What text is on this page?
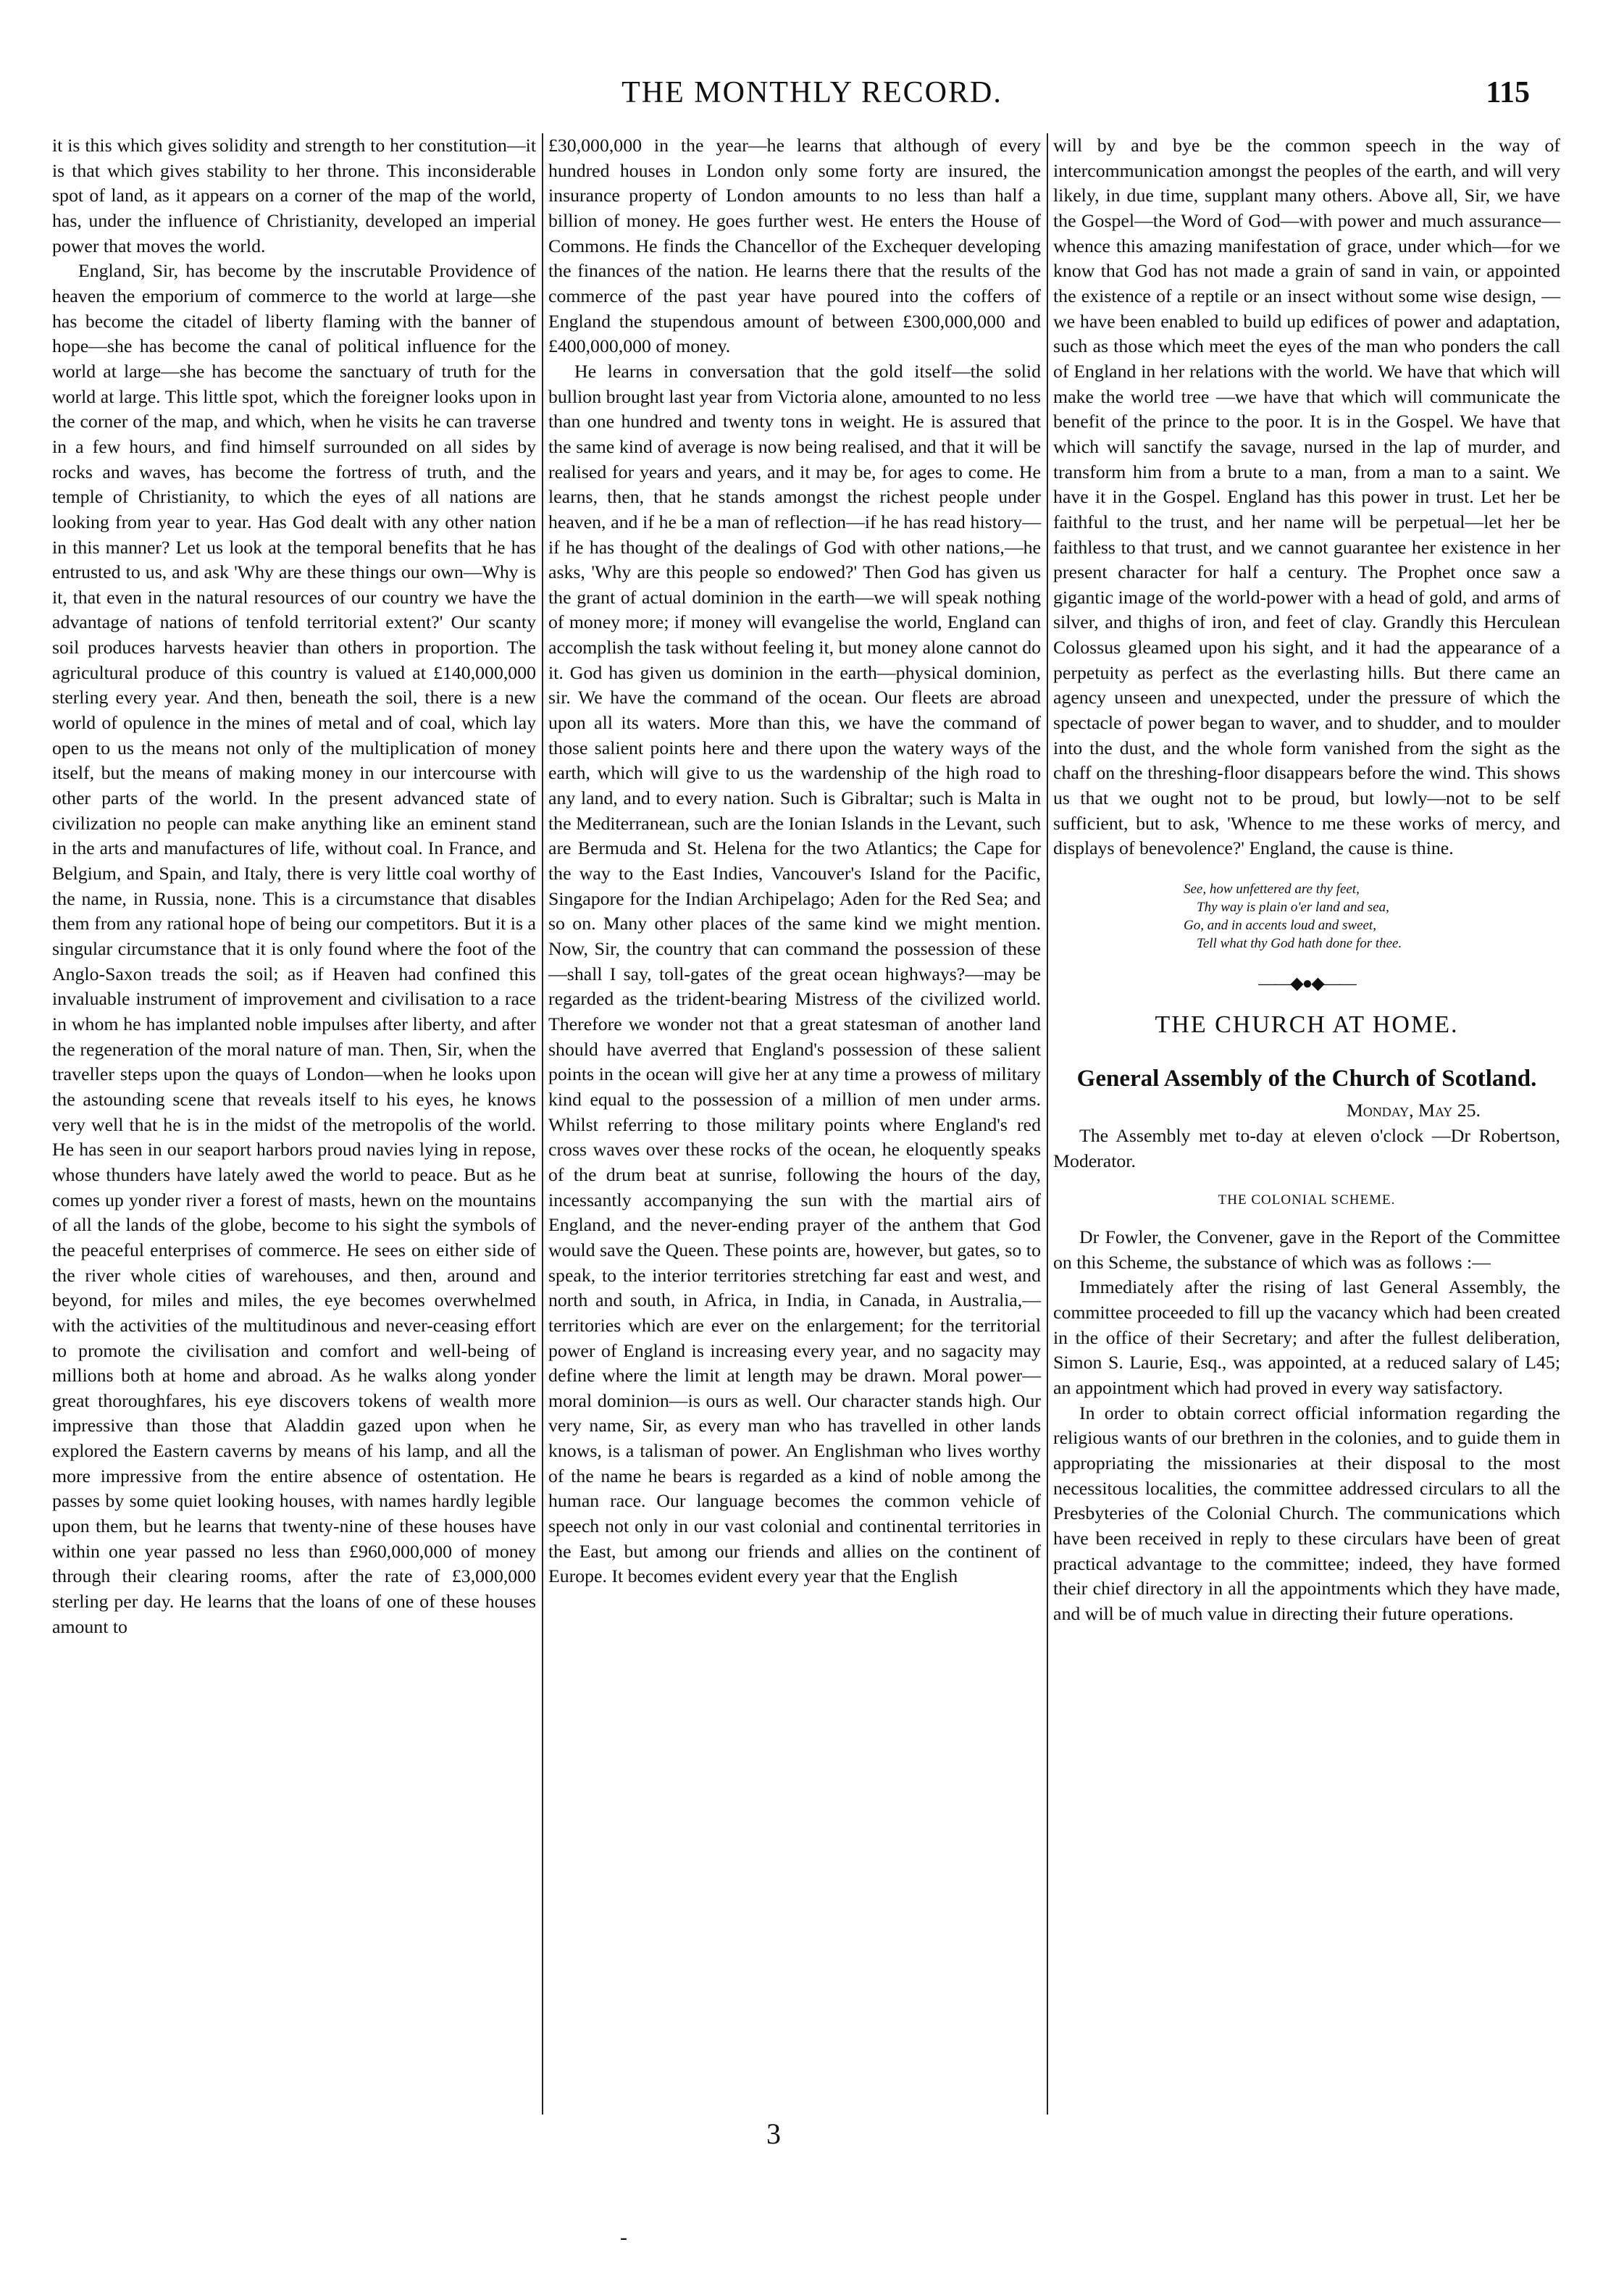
THE MONTHLY RECORD.	115

it is this which gives solidity and strength to her constitution—it is that which gives stability to her throne. This inconsiderable spot of land, as it appears on a corner of the map of the world, has, under the influence of Christianity, developed an imperial power that moves the world.

England, Sir, has become by the inscrutable Providence of heaven the emporium of commerce to the world at large—she has become the citadel of liberty flaming with the banner of hope—she has become the canal of political influence for the world at large—she has become the sanctuary of truth for the world at large. This little spot, which the foreigner looks upon in the corner of the map, and which, when he visits he can traverse in a few hours, and find himself surrounded on all sides by rocks and waves, has become the fortress of truth, and the temple of Christianity, to which the eyes of all nations are looking from year to year. Has God dealt with any other nation in this manner? Let us look at the temporal benefits that he has entrusted to us, and ask 'Why are these things our own—Why is it, that even in the natural resources of our country we have the advantage of nations of tenfold territorial extent?' Our scanty soil produces harvests heavier than others in proportion. The agricultural produce of this country is valued at £140,000,000 sterling every year. And then, beneath the soil, there is a new world of opulence in the mines of metal and of coal, which lay open to us the means not only of the multiplication of money itself, but the means of making money in our intercourse with other parts of the world. In the present advanced state of civilization no people can make anything like an eminent stand in the arts and manufactures of life, without coal. In France, and Belgium, and Spain, and Italy, there is very little coal worthy of the name, in Russia, none. This is a circumstance that disables them from any rational hope of being our competitors. But it is a singular circumstance that it is only found where the foot of the Anglo-Saxon treads the soil; as if Heaven had confined this invaluable instrument of improvement and civilisation to a race in whom he has implanted noble impulses after liberty, and after the regeneration of the moral nature of man. Then, Sir, when the traveller steps upon the quays of London—when he looks upon the astounding scene that reveals itself to his eyes, he knows very well that he is in the midst of the metropolis of the world. He has seen in our seaport harbors proud navies lying in repose, whose thunders have lately awed the world to peace. But as he comes up yonder river a forest of masts, hewn on the mountains of all the lands of the globe, become to his sight the symbols of the peaceful enterprises of commerce. He sees on either side of the river whole cities of warehouses, and then, around and beyond, for miles and miles, the eye becomes overwhelmed with the activities of the multitudinous and never-ceasing effort to promote the civilisation and comfort and well-being of millions both at home and abroad. As he walks along yonder great thoroughfares, his eye discovers tokens of wealth more impressive than those that Aladdin gazed upon when he explored the Eastern caverns by means of his lamp, and all the more impressive from the entire absence of ostentation. He passes by some quiet looking houses, with names hardly legible upon them, but he learns that twenty-nine of these houses have within one year passed no less than £960,000,000 of money through their clearing rooms, after the rate of £3,000,000 sterling per day. He learns that the loans of one of these houses amount to

£30,000,000 in the year—he learns that although of every hundred houses in London only some forty are insured, the insurance property of London amounts to no less than half a billion of money. He goes further west. He enters the House of Commons. He finds the Chancellor of the Exchequer developing the finances of the nation. He learns there that the results of the commerce of the past year have poured into the coffers of England the stupendous amount of between £300,000,000 and £400,000,000 of money.

He learns in conversation that the gold itself—the solid bullion brought last year from Victoria alone, amounted to no less than one hundred and twenty tons in weight. He is assured that the same kind of average is now being realised, and that it will be realised for years and years, and it may be, for ages to come. He learns, then, that he stands amongst the richest people under heaven, and if he be a man of reflection—if he has read history—if he has thought of the dealings of God with other nations,—he asks, 'Why are this people so endowed?' Then God has given us the grant of actual dominion in the earth—we will speak nothing of money more; if money will evangelise the world, England can accomplish the task without feeling it, but money alone cannot do it. God has given us dominion in the earth—physical dominion, sir. We have the command of the ocean. Our fleets are abroad upon all its waters. More than this, we have the command of those salient points here and there upon the watery ways of the earth, which will give to us the wardenship of the high road to any land, and to every nation. Such is Gibraltar; such is Malta in the Mediterranean, such are the Ionian Islands in the Levant, such are Bermuda and St. Helena for the two Atlantics; the Cape for the way to the East Indies, Vancouver's Island for the Pacific, Singapore for the Indian Archipelago; Aden for the Red Sea; and so on. Many other places of the same kind we might mention. Now, Sir, the country that can command the possession of these—shall I say, toll-gates of the great ocean highways?—may be regarded as the trident-bearing Mistress of the civilized world. Therefore we wonder not that a great statesman of another land should have averred that England's possession of these salient points in the ocean will give her at any time a prowess of military kind equal to the possession of a million of men under arms. Whilst referring to those military points where England's red cross waves over these rocks of the ocean, he eloquently speaks of the drum beat at sunrise, following the hours of the day, incessantly accompanying the sun with the martial airs of England, and the never-ending prayer of the anthem that God would save the Queen. These points are, however, but gates, so to speak, to the interior territories stretching far east and west, and north and south, in Africa, in India, in Canada, in Australia,—territories which are ever on the enlargement; for the territorial power of England is increasing every year, and no sagacity may define where the limit at length may be drawn. Moral power—moral dominion—is ours as well. Our character stands high. Our very name, Sir, as every man who has travelled in other lands knows, is a talisman of power. An Englishman who lives worthy of the name he bears is regarded as a kind of noble among the human race. Our language becomes the common vehicle of speech not only in our vast colonial and continental territories in the East, but among our friends and allies on the continent of Europe. It becomes evident every year that the English

will by and bye be the common speech in the way of intercommunication amongst the peoples of the earth, and will very likely, in due time, supplant many others. Above all, Sir, we have the Gospel—the Word of God—with power and much assurance—whence this amazing manifestation of grace, under which—for we know that God has not made a grain of sand in vain, or appointed the existence of a reptile or an insect without some wise design, —we have been enabled to build up edifices of power and adaptation, such as those which meet the eyes of the man who ponders the call of England in her relations with the world. We have that which will make the world tree —we have that which will communicate the benefit of the prince to the poor. It is in the Gospel. We have that which will sanctify the savage, nursed in the lap of murder, and transform him from a brute to a man, from a man to a saint. We have it in the Gospel. England has this power in trust. Let her be faithful to the trust, and her name will be perpetual—let her be faithless to that trust, and we cannot guarantee her existence in her present character for half a century. The Prophet once saw a gigantic image of the world-power with a head of gold, and arms of silver, and thighs of iron, and feet of clay. Grandly this Herculean Colossus gleamed upon his sight, and it had the appearance of a perpetuity as perfect as the everlasting hills. But there came an agency unseen and unexpected, under the pressure of which the spectacle of power began to waver, and to shudder, and to moulder into the dust, and the whole form vanished from the sight as the chaff on the threshing-floor disappears before the wind. This shows us that we ought not to be proud, but lowly—not to be self sufficient, but to ask, 'Whence to me these works of mercy, and displays of benevolence?' England, the cause is thine.

See, how unfettered are thy feet,
Thy way is plain o'er land and sea,
Go, and in accents loud and sweet,
Tell what thy God hath done for thee.
——◆●◆——
THE CHURCH AT HOME.
General Assembly of the Church of Scotland.
Monday, May 25.

The Assembly met to-day at eleven o'clock —Dr Robertson, Moderator.

THE COLONIAL SCHEME.

Dr Fowler, the Convener, gave in the Report of the Committee on this Scheme, the substance of which was as follows :—

Immediately after the rising of last General Assembly, the committee proceeded to fill up the vacancy which had been created in the office of their Secretary; and after the fullest deliberation, Simon S. Laurie, Esq., was appointed, at a reduced salary of L45; an appointment which had proved in every way satisfactory.

In order to obtain correct official information regarding the religious wants of our brethren in the colonies, and to guide them in appropriating the missionaries at their disposal to the most necessitous localities, the committee addressed circulars to all the Presbyteries of the Colonial Church. The communications which have been received in reply to these circulars have been of great practical advantage to the committee; indeed, they have formed their chief directory in all the appointments which they have made, and will be of much value in directing their future operations.

3
-
